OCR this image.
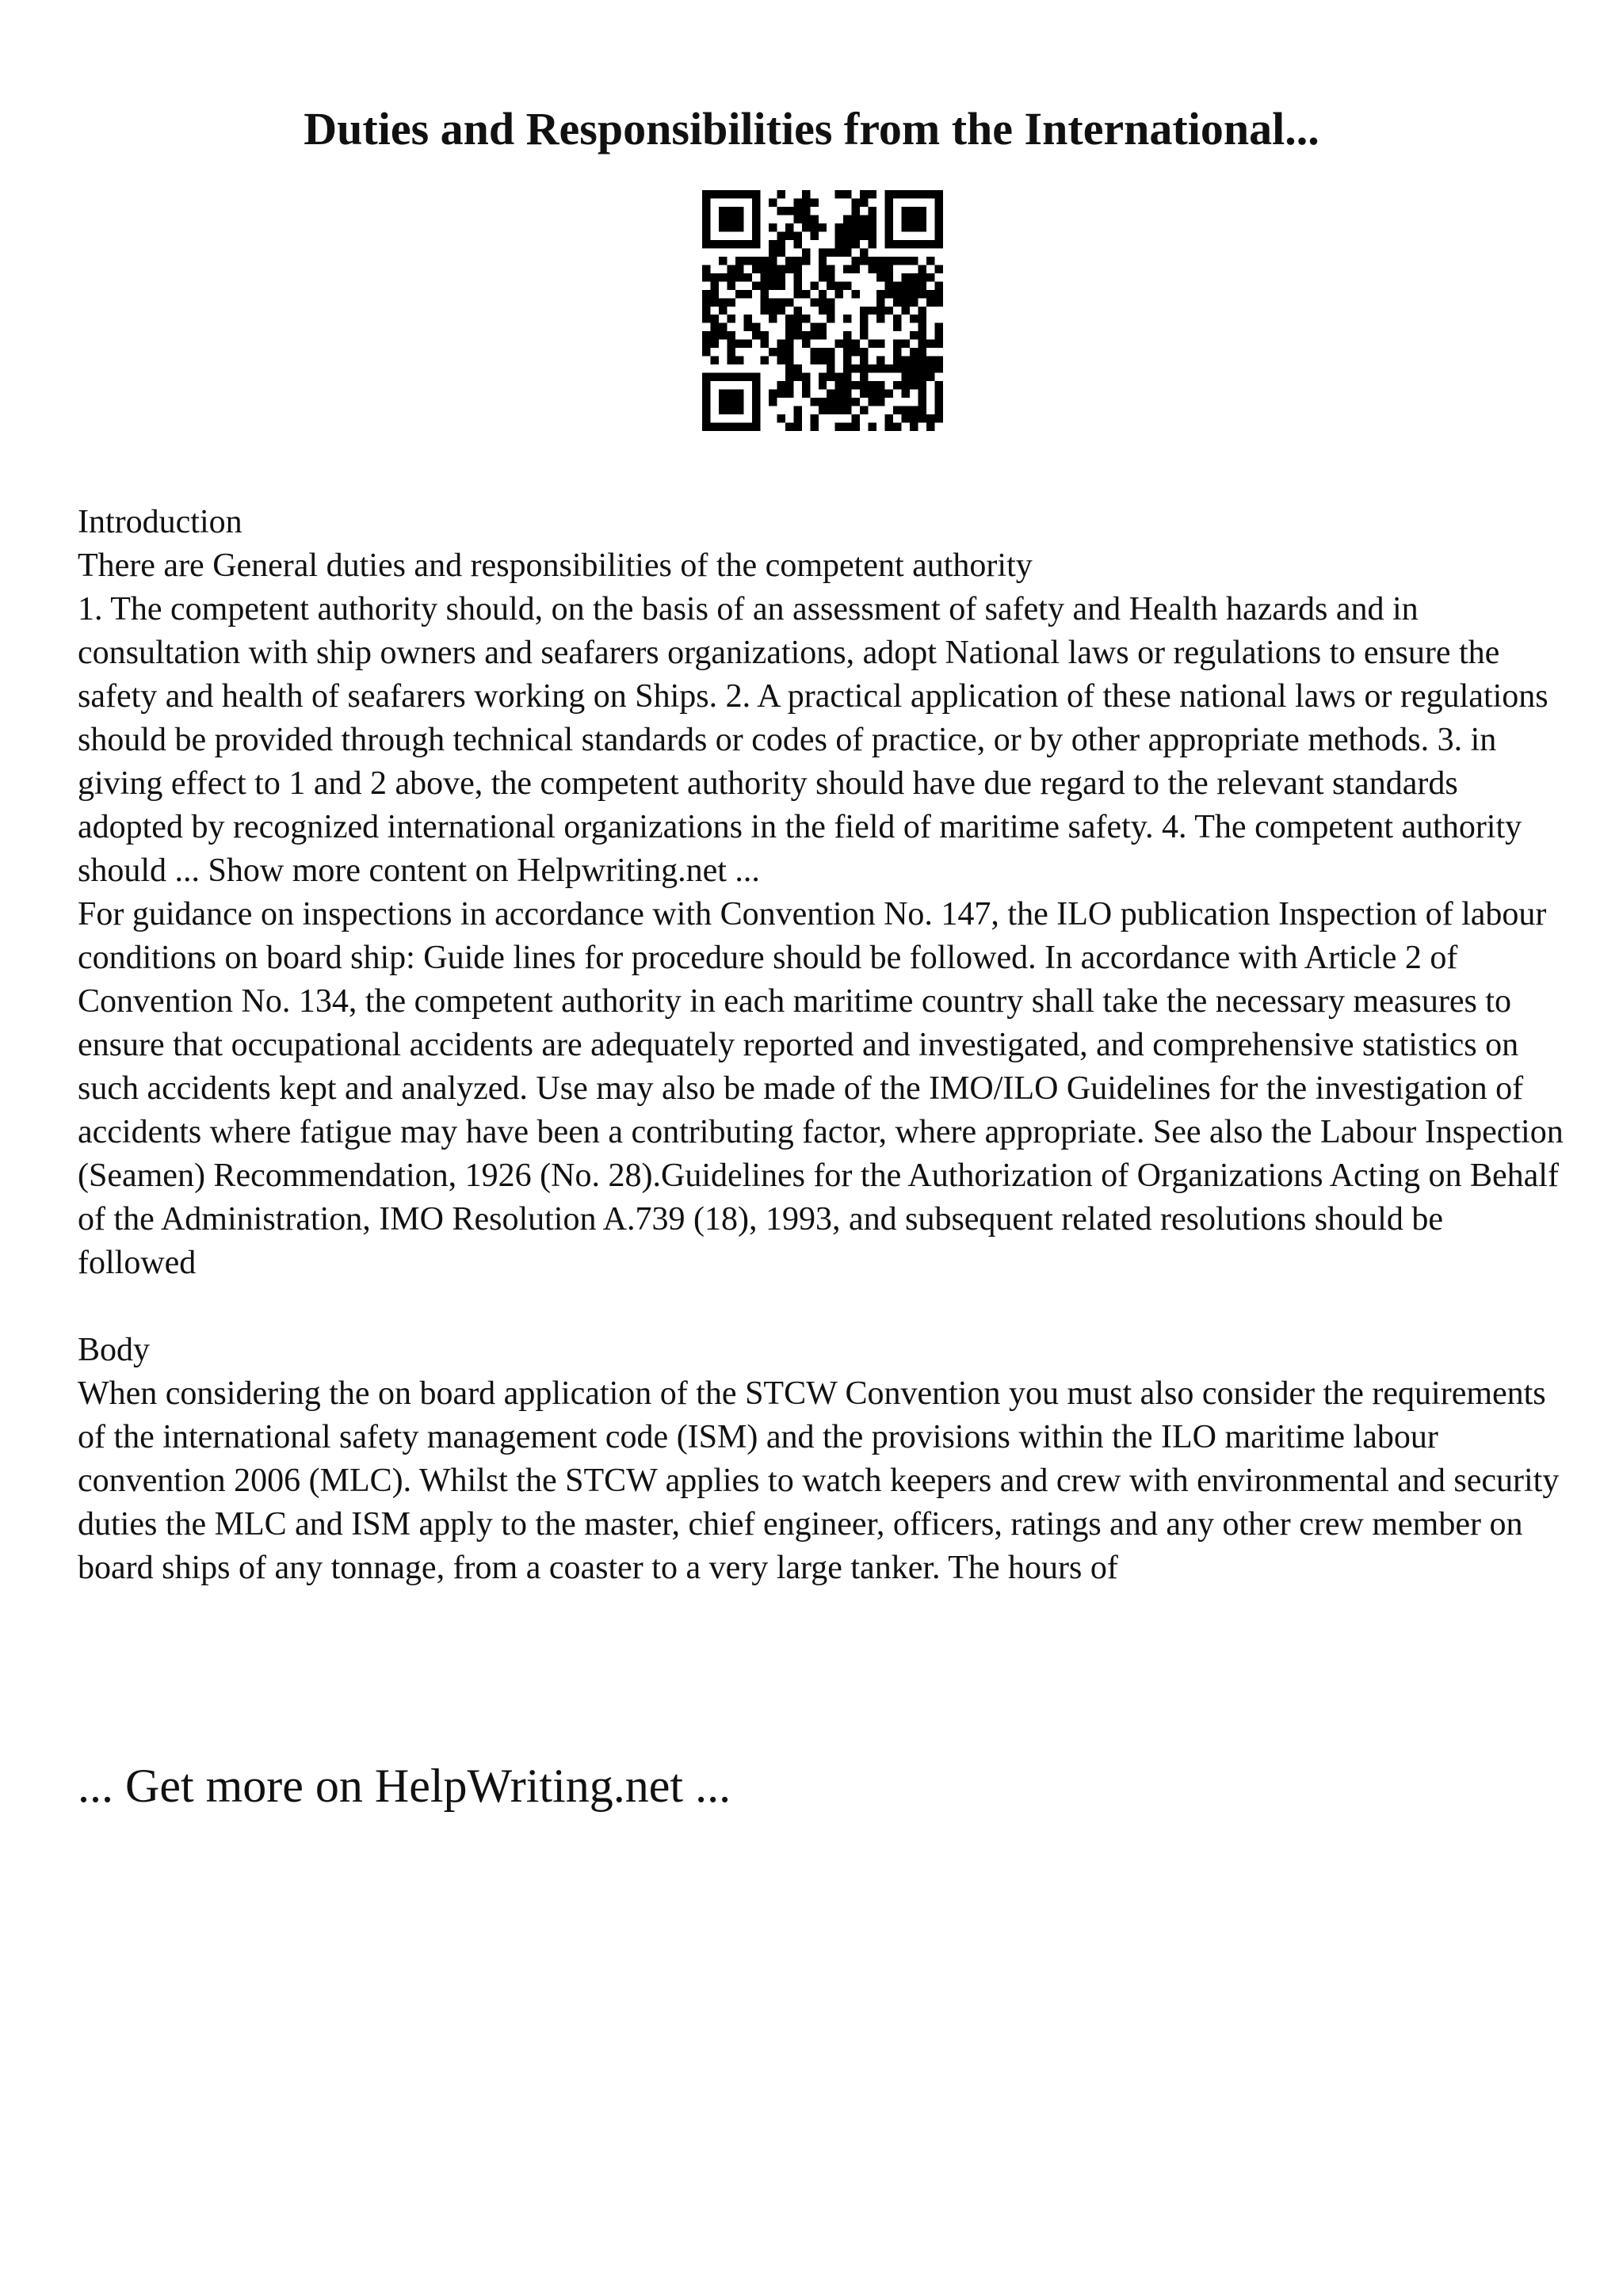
Duties and Responsibilities from the International...

Introduction

There are General duties and responsibilities of the competent authority

1. The competent authority should, on the basis of an assessment of safety and Health hazards and in consultation with ship owners and seafarers organizations, adopt National laws or regulations to ensure the safety and health of seafarers working on Ships. 2. A practical application of these national laws or regulations should be provided through technical standards or codes of practice, or by other appropriate methods. 3. in giving effect to 1 and 2 above, the competent authority should have due regard to the relevant standards adopted by recognized international organizations in the field of maritime safety. 4. The competent authority should ... Show more content on Helpwriting.net ...

For guidance on inspections in accordance with Convention No. 147, the ILO publication Inspection of labour conditions on board ship: Guide lines for procedure should be followed. In accordance with Article 2 of Convention No. 134, the competent authority in each maritime country shall take the necessary measures to ensure that occupational accidents are adequately reported and investigated, and comprehensive statistics on such accidents kept and analyzed. Use may also be made of the IMO/ILO Guidelines for the investigation of accidents where fatigue may have been a contributing factor, where appropriate. See also the Labour Inspection (Seamen) Recommendation, 1926 (No. 28).Guidelines for the Authorization of Organizations Acting on Behalf of the Administration, IMO Resolution A.739 (18), 1993, and subsequent related resolutions should be followed

Body

When considering the on board application of the STCW Convention you must also consider the requirements of the international safety management code (ISM) and the provisions within the ILO maritime labour convention 2006 (MLC). Whilst the STCW applies to watch keepers and crew with environmental and security duties the MLC and ISM apply to the master, chief engineer, officers, ratings and any other crew member on board ships of any tonnage, from a coaster to a very large tanker. The hours of

... Get more on HelpWriting.net ...
